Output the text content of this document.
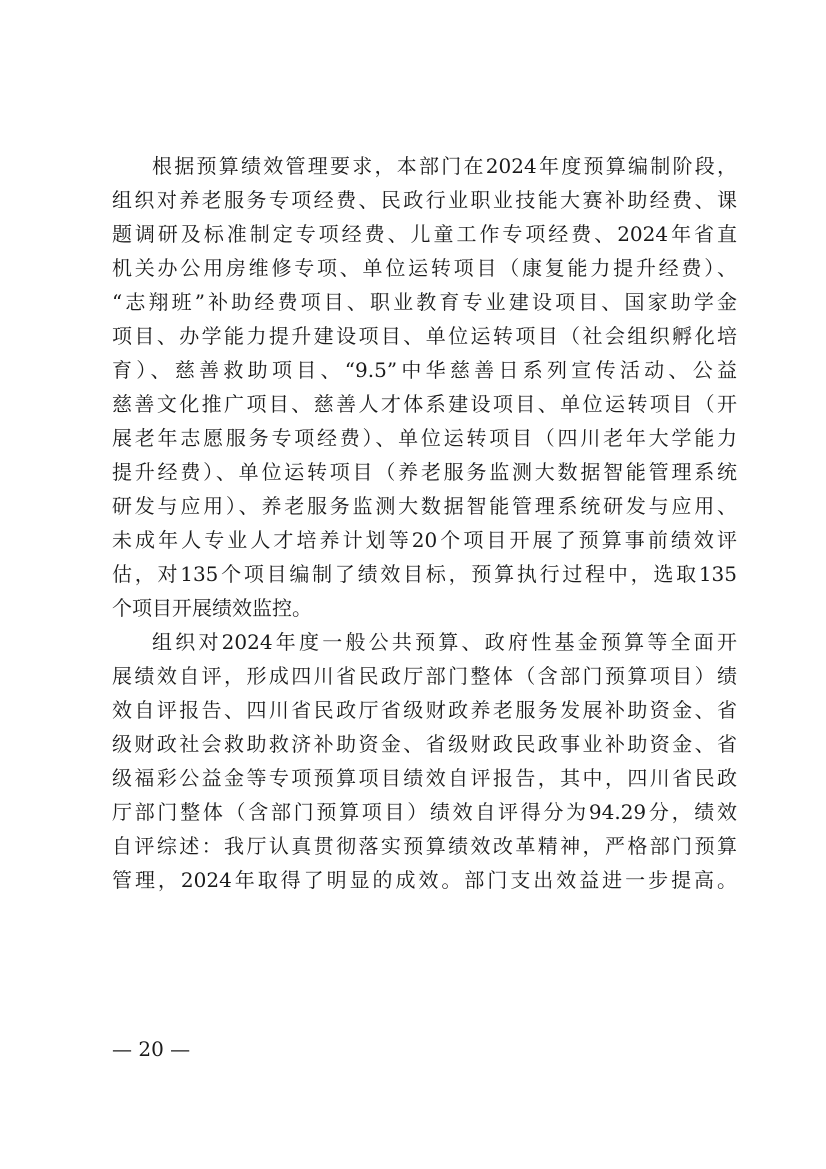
根据预算绩效管理要求，本部门在2024年度预算编制阶段，
组织对养老服务专项经费、民政行业职业技能大赛补助经费、课
题调研及标准制定专项经费、儿童工作专项经费、2024年省直
机关办公用房维修专项、单位运转项目（康复能力提升经费）、
“志翔班”补助经费项目、职业教育专业建设项目、国家助学金
项目、办学能力提升建设项目、单位运转项目（社会组织孵化培
育）、慈善救助项目、“9.5”中华慈善日系列宣传活动、公益
慈善文化推广项目、慈善人才体系建设项目、单位运转项目（开
展老年志愿服务专项经费）、单位运转项目（四川老年大学能力
提升经费）、单位运转项目（养老服务监测大数据智能管理系统
研发与应用）、养老服务监测大数据智能管理系统研发与应用、
未成年人专业人才培养计划等20个项目开展了预算事前绩效评
估，对135个项目编制了绩效目标，预算执行过程中，选取135
个项目开展绩效监控。
组织对2024年度一般公共预算、政府性基金预算等全面开
展绩效自评，形成四川省民政厅部门整体（含部门预算项目）绩
效自评报告、四川省民政厅省级财政养老服务发展补助资金、省
级财政社会救助救济补助资金、省级财政民政事业补助资金、省
级福彩公益金等专项预算项目绩效自评报告，其中，四川省民政
厅部门整体（含部门预算项目）绩效自评得分为94.29分，绩效
自评综述：我厅认真贯彻落实预算绩效改革精神，严格部门预算
管理，2024年取得了明显的成效。部门支出效益进一步提高。
— 20 —
